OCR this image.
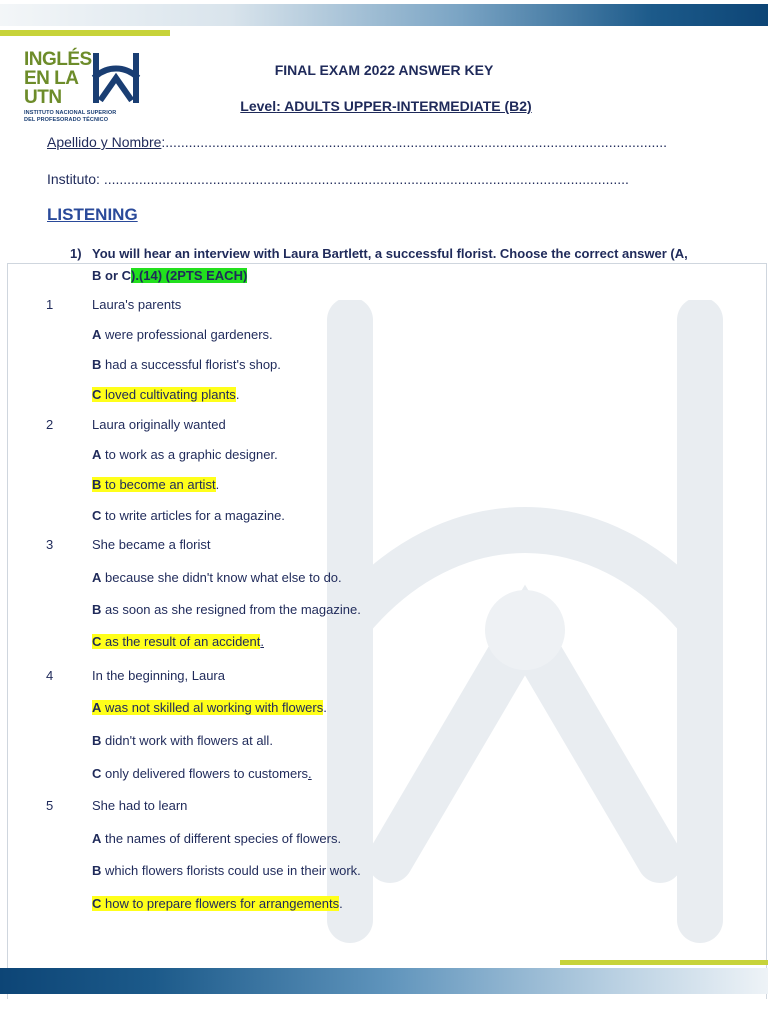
INGLÉS
EN LA
UTN
INSTITUTO NACIONAL SUPERIOR
DEL PROFESORADO TÉCNICO
FINAL EXAM 2022 ANSWER KEY
Level: ADULTS UPPER-INTERMEDIATE (B2)
Apellido y Nombre:.................................................................................................................................
Instituto: .......................................................................................................................................
LISTENING
1) You will hear an interview with Laura Bartlett, a successful florist. Choose the correct answer (A,
B or C).(14) (2PTS EACH)
1	Laura's parents
A were professional gardeners.
B had a successful florist's shop.
C loved cultivating plants.
2	Laura originally wanted
A to work as a graphic designer.
B to become an artist.
C to write articles for a magazine.
3	She became a florist
A because she didn't know what else to do.
B as soon as she resigned from the magazine.
C as the result of an accident.
4	In the beginning, Laura
A was not skilled al working with flowers.
B didn't work with flowers at all.
C only delivered flowers to customers.
5	She had to learn
A the names of different species of flowers.
B which flowers florists could use in their work.
C how to prepare flowers for arrangements.
